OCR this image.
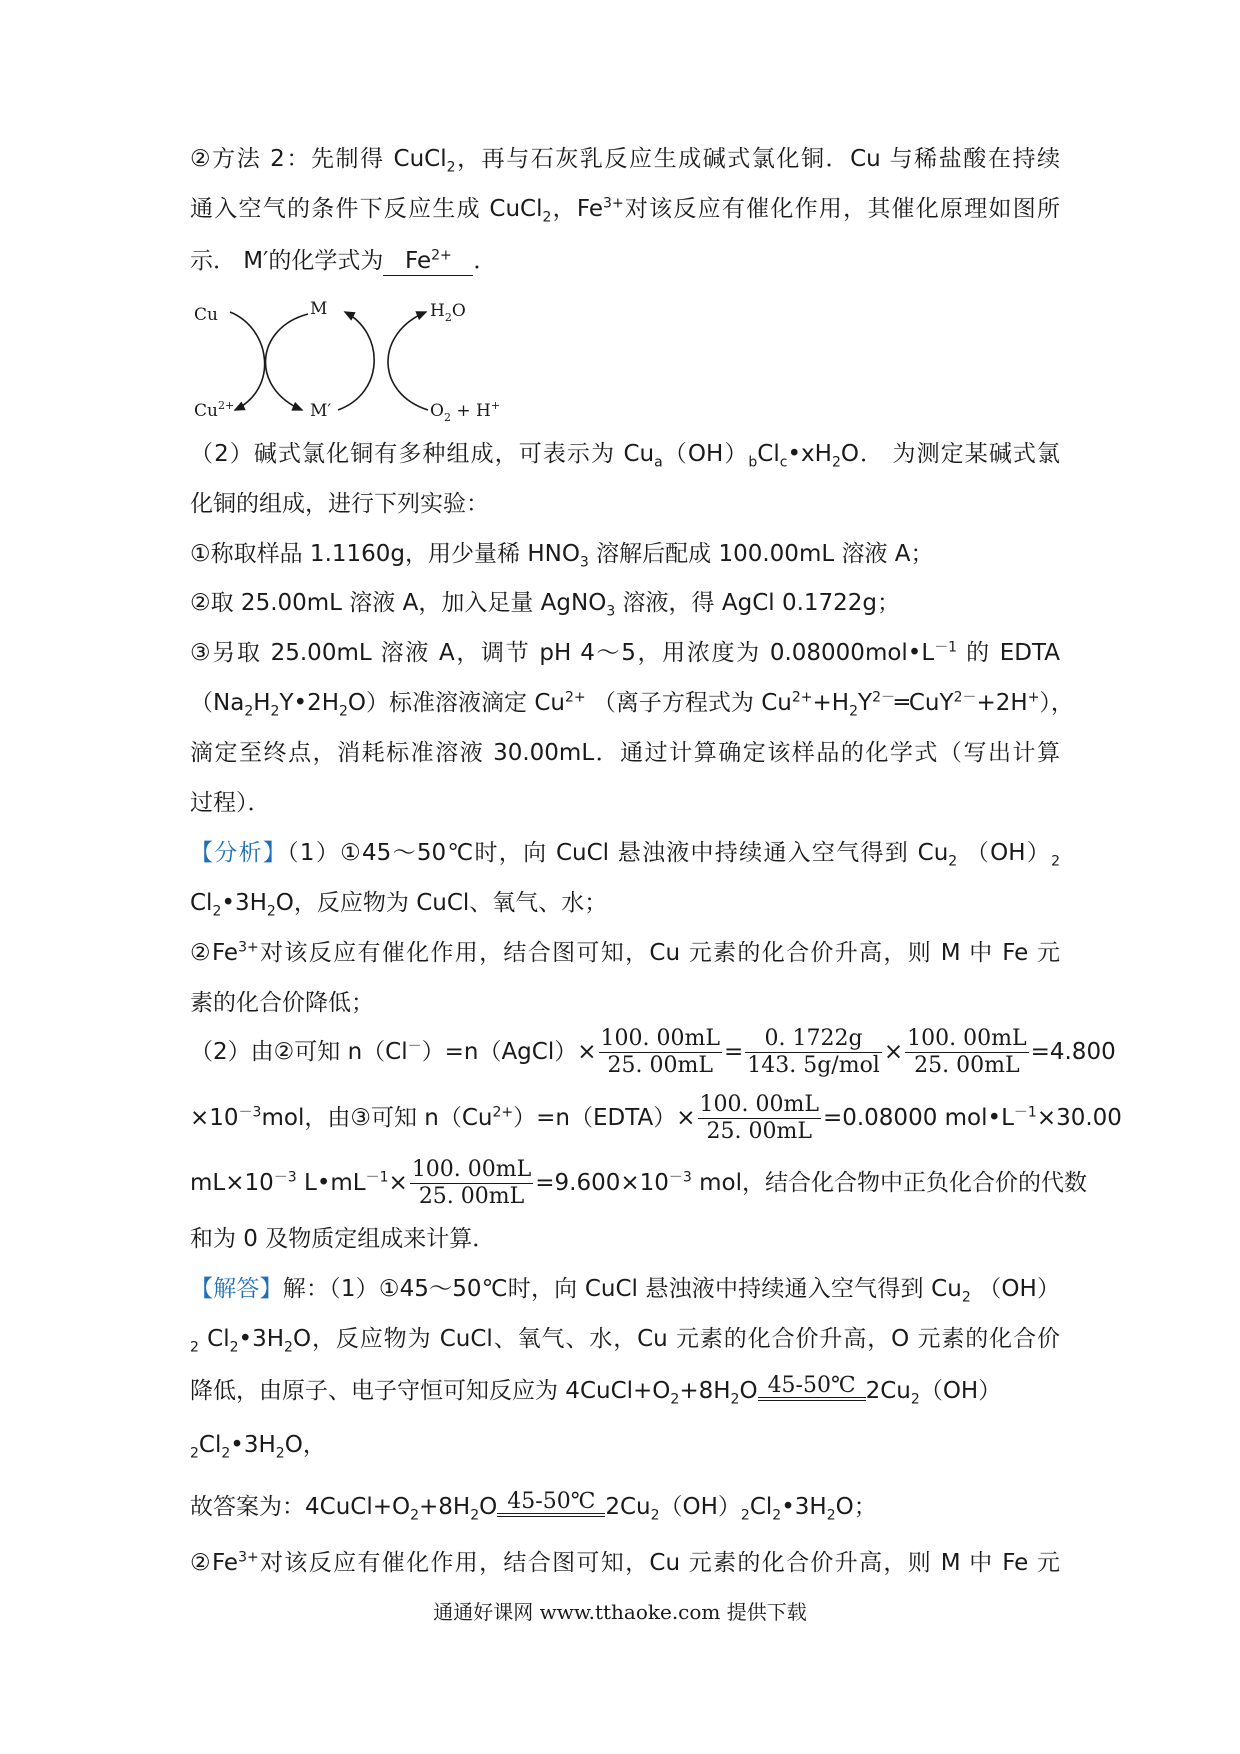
②方法 2：先制得 CuCl$_2$，再与石灰乳反应生成碱式氯化铜．Cu 与稀盐酸在持续
通入空气的条件下反应生成 CuCl$_2$，$Fe^{3+}$对该反应有催化作用，其催化原理如图所
示． M′的化学式为 $Fe^{2+}$ ．
Cu
$Cu^{2+}$
M
M′
$H_2O$
$O_2 + H^+$
（2）碱式氯化铜有多种组成，可表示为 $Cu_a(OH)_bCl_c•xH_2O$． 为测定某碱式氯
化铜的组成，进行下列实验：
①称取样品 1.1160g，用少量稀 $HNO_3$ 溶解后配成 100.00mL 溶液 A；
②取 25.00mL 溶液 A，加入足量 AgNO$_3$ 溶液，得 AgCl 0.1722g；
③另取 25.00mL 溶液 A，调节 pH 4～5，用浓度为 $0.08000mol•L^{-1}$ 的 EDTA
$(Na_2H_2Y•2H_2O)$标准溶液滴定 $Cu^{2+}$ （离子方程式为 $Cu^{2+}+H_2Y^{2-}═CuY^{2-}+2H^+$），
滴定至终点，消耗标准溶液 30.00mL．通过计算确定该样品的化学式（写出计算
过程）．
【分析】（1）①45～50℃时，向 CuCl 悬浊液中持续通入空气得到 $Cu_2$ $(OH)_2$
$Cl_2•3H_2O$，反应物为 CuCl、氧气、水；
$②Fe^{3+}$对该反应有催化作用，结合图可知，Cu 元素的化合价升高，则 M 中 Fe 元
素的化合价降低；
（2）由②可知 n（Cl－）=n（AgCl）× $\frac{100. 00mL}{25. 00mL} = \frac{0. 1722g}{\text{143. 5g/mol}} \times \frac{100. 00mL}{25. 00mL} =4.800$
$\times 10^{-3}mol$，由③可知 $n(Cu^{2+})=n(EDTA)\times \frac{100. 00mL}{25. 00mL} =0.08000$ $mol•L^{-1}\times 30.00$
$mL\times 10^{-3}$ $L•mL^{-1}\times \frac{100. 00mL}{25. 00mL} =9.600\times 10^{-3}$ mol，结合化合物中正负化合价的代数
和为 0 及物质定组成来计算．
【解答】解：（1）①45～50℃时，向 CuCl 悬浊液中持续通入空气得到 $Cu_2$ （OH）
$_2$ $Cl_2•3H_2O$，反应物为 CuCl、氧气、水，Cu 元素的化合价升高，O 元素的化合价
降低，由原子、电子守恒可知反应为 $4CuCl+O_2+8H_2O$ 45-50℃ $2Cu_2(OH)$
$_2Cl_2•3H_2O$，
故答案为：$4CuCl+O_2+8H_2O$ 45-50℃ $2Cu_2(OH)_2Cl_2•3H_2O$；
$②Fe^{3+}$对该反应有催化作用，结合图可知，Cu 元素的化合价升高，则 M 中 Fe 元
通通好课网 www.tthaoke.com 提供下载
